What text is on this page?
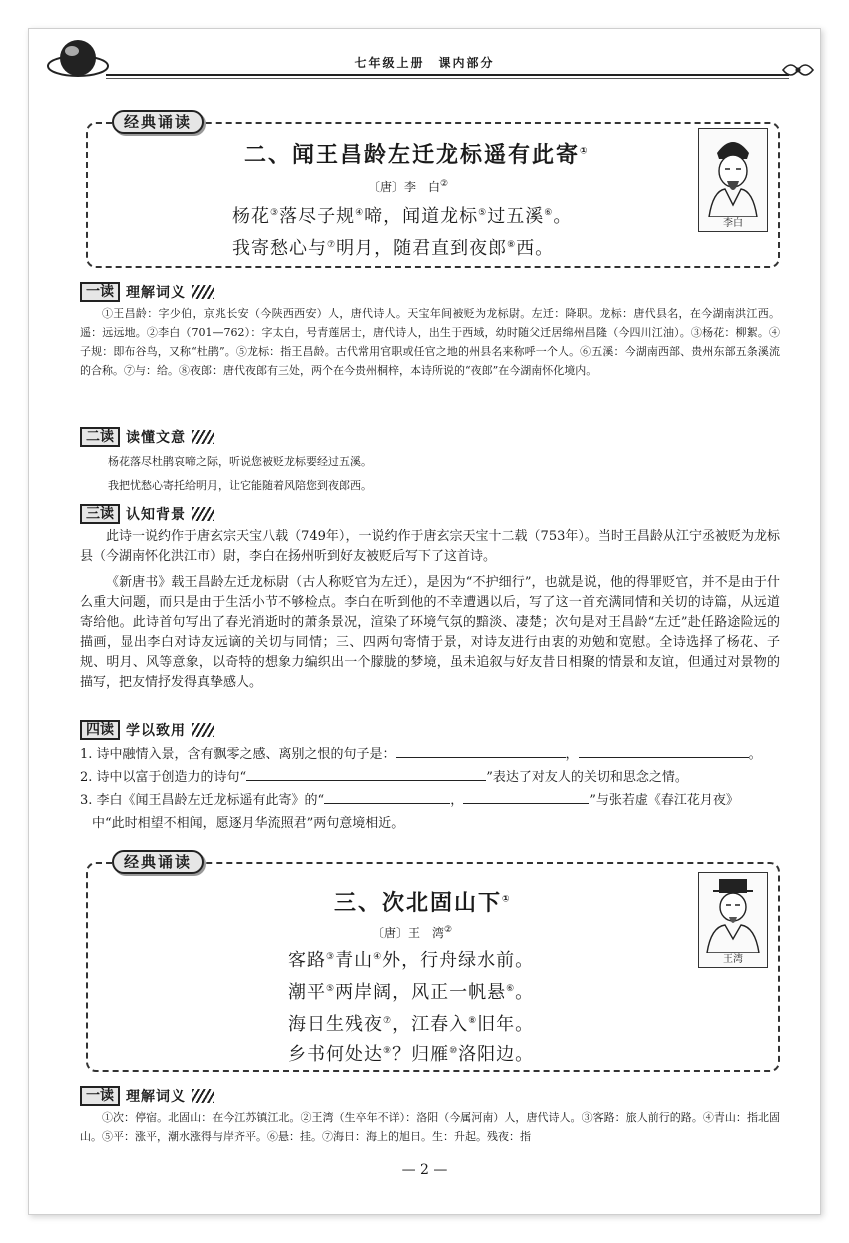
七年级上册　课内部分
经典诵读
二、闻王昌龄左迁龙标遥有此寄①
〔唐〕李　白②
杨花③落尽子规④啼，闻道龙标⑤过五溪⑥。
我寄愁心与⑦明月，随君直到夜郎⑧西。
李白
一读 理解词义
①王昌龄：字少伯，京兆长安（今陕西西安）人，唐代诗人。天宝年间被贬为龙标尉。左迁：降职。龙标：唐代县名，在今湖南洪江西。遥：远远地。②李白（701—762）：字太白，号青莲居士，唐代诗人，出生于西域，幼时随父迁居绵州昌隆（今四川江油）。③杨花：柳絮。④子规：即布谷鸟，又称“杜鹃”。⑤龙标：指王昌龄。古代常用官职或任官之地的州县名来称呼一个人。⑥五溪：今湖南西部、贵州东部五条溪流的合称。⑦与：给。⑧夜郎：唐代夜郎有三处，两个在今贵州桐梓，本诗所说的“夜郎”在今湖南怀化境内。
二读 读懂文意
杨花落尽杜鹃哀啼之际，听说您被贬龙标要经过五溪。
我把忧愁心寄托给明月，让它能随着风陪您到夜郎西。
三读 认知背景
此诗一说约作于唐玄宗天宝八载（749年），一说约作于唐玄宗天宝十二载（753年）。当时王昌龄从江宁丞被贬为龙标县（今湖南怀化洪江市）尉，李白在扬州听到好友被贬后写下了这首诗。
《新唐书》载王昌龄左迁龙标尉（古人称贬官为左迁），是因为“不护细行”，也就是说，他的得罪贬官，并不是由于什么重大问题，而只是由于生活小节不够检点。李白在听到他的不幸遭遇以后，写了这一首充满同情和关切的诗篇，从远道寄给他。此诗首句写出了春光消逝时的萧条景况，渲染了环境气氛的黯淡、凄楚；次句是对王昌龄“左迁”赴任路途险远的描画，显出李白对诗友远谪的关切与同情；三、四两句寄情于景，对诗友进行由衷的劝勉和宽慰。全诗选择了杨花、子规、明月、风等意象，以奇特的想象力编织出一个朦胧的梦境，虽未追叙与好友昔日相聚的情景和友谊，但通过对景物的描写，把友情抒发得真挚感人。
四读 学以致用
1. 诗中融情入景，含有飘零之感、离别之恨的句子是：	，	。
2. 诗中以富于创造力的诗句“	”表达了对友人的关切和思念之情。
3. 李白《闻王昌龄左迁龙标遥有此寄》的“	，	”与张若虚《春江花月夜》
中“此时相望不相闻，愿逐月华流照君”两句意境相近。
经典诵读
三、次北固山下①
〔唐〕王　湾②
客路③青山④外，行舟绿水前。
潮平⑤两岸阔，风正一帆悬⑥。
海日生残夜⑦，江春入⑧旧年。
乡书何处达⑨？归雁⑩洛阳边。
王湾
一读 理解词义
①次：停宿。北固山：在今江苏镇江北。②王湾（生卒年不详）：洛阳（今属河南）人，唐代诗人。③客路：旅人前行的路。④青山：指北固山。⑤平：涨平，潮水涨得与岸齐平。⑥悬：挂。⑦海日：海上的旭日。生：升起。残夜：指
— 2 —
